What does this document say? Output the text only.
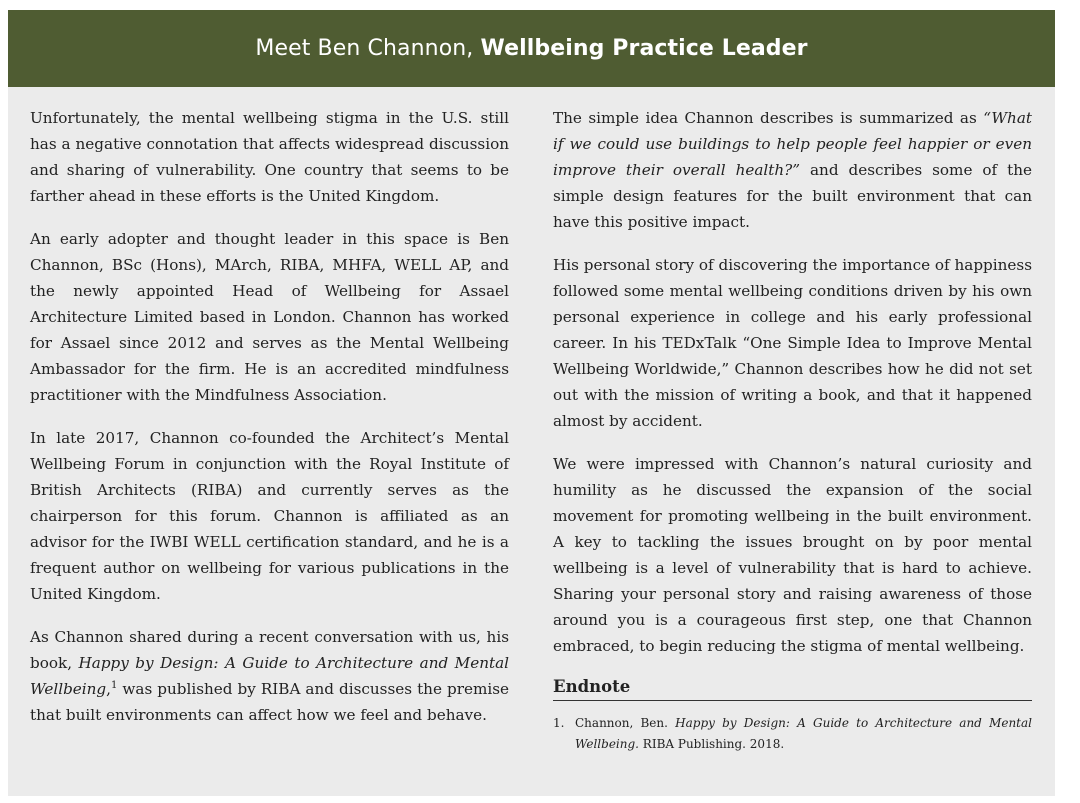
Meet Ben Channon, Wellbeing Practice Leader

Unfortunately, the mental wellbeing stigma in the U.S. still has a negative connotation that affects widespread discussion and sharing of vulnerability. One country that seems to be farther ahead in these efforts is the United Kingdom.

An early adopter and thought leader in this space is Ben Channon, BSc (Hons), MArch, RIBA, MHFA, WELL AP, and the newly appointed Head of Wellbeing for Assael Architecture Limited based in London. Channon has worked for Assael since 2012 and serves as the Mental Wellbeing Ambassador for the firm. He is an accredited mindfulness practitioner with the Mindfulness Association.

In late 2017, Channon co-founded the Architect’s Mental Wellbeing Forum in conjunction with the Royal Institute of British Architects (RIBA) and currently serves as the chairperson for this forum. Channon is affiliated as an advisor for the IWBI WELL certification standard, and he is a frequent author on wellbeing for various publications in the United Kingdom.

As Channon shared during a recent conversation with us, his book, Happy by Design: A Guide to Architecture and Mental Wellbeing,$^1$ was published by RIBA and discusses the premise that built environments can affect how we feel and behave.

The simple idea Channon describes is summarized as “What if we could use buildings to help people feel happier or even improve their overall health?” and describes some of the simple design features for the built environment that can have this positive impact.

His personal story of discovering the importance of happiness followed some mental wellbeing conditions driven by his own personal experience in college and his early professional career. In his TEDxTalk “One Simple Idea to Improve Mental Wellbeing Worldwide,” Channon describes how he did not set out with the mission of writing a book, and that it happened almost by accident.

We were impressed with Channon’s natural curiosity and humility as he discussed the expansion of the social movement for promoting wellbeing in the built environment. A key to tackling the issues brought on by poor mental wellbeing is a level of vulnerability that is hard to achieve. Sharing your personal story and raising awareness of those around you is a courageous first step, one that Channon embraced, to begin reducing the stigma of mental wellbeing.

Endnote
1. Channon, Ben. Happy by Design: A Guide to Architecture and Mental Wellbeing. RIBA Publishing. 2018.
